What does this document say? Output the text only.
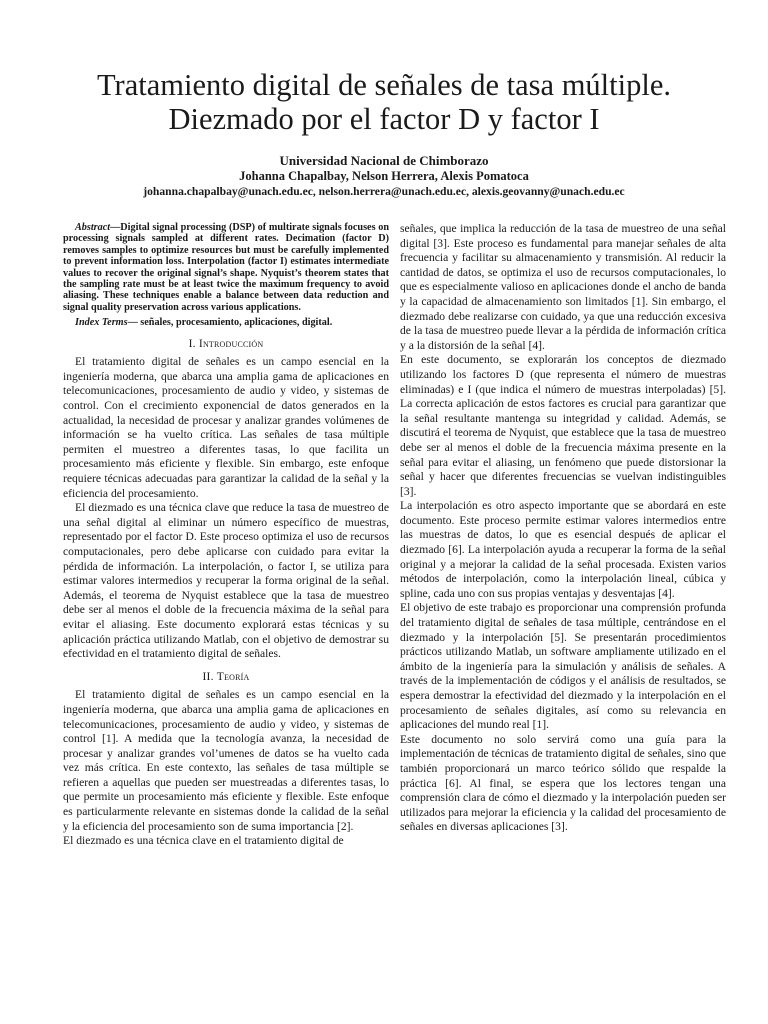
Tratamiento digital de señales de tasa múltiple.
Diezmado por el factor D y factor I
Universidad Nacional de Chimborazo
Johanna Chapalbay, Nelson Herrera, Alexis Pomatoca
johanna.chapalbay@unach.edu.ec, nelson.herrera@unach.edu.ec, alexis.geovanny@unach.edu.ec

Abstract—Digital signal processing (DSP) of multirate signals focuses on processing signals sampled at different rates. Decimation (factor D) removes samples to optimize resources but must be carefully implemented to prevent information loss. Interpolation (factor I) estimates intermediate values to recover the original signal’s shape. Nyquist’s theorem states that the sampling rate must be at least twice the maximum frequency to avoid aliasing. These techniques enable a balance between data reduction and signal quality preservation across various applications.

Index Terms— señales, procesamiento, aplicaciones, digital.

I. Introducción

El tratamiento digital de señales es un campo esencial en la ingeniería moderna, que abarca una amplia gama de aplicaciones en telecomunicaciones, procesamiento de audio y video, y sistemas de control. Con el crecimiento exponencial de datos generados en la actualidad, la necesidad de procesar y analizar grandes volúmenes de información se ha vuelto crítica. Las señales de tasa múltiple permiten el muestreo a diferentes tasas, lo que facilita un procesamiento más eficiente y flexible. Sin embargo, este enfoque requiere técnicas adecuadas para garantizar la calidad de la señal y la eficiencia del procesamiento.

El diezmado es una técnica clave que reduce la tasa de muestreo de una señal digital al eliminar un número específico de muestras, representado por el factor D. Este proceso optimiza el uso de recursos computacionales, pero debe aplicarse con cuidado para evitar la pérdida de información. La interpolación, o factor I, se utiliza para estimar valores intermedios y recuperar la forma original de la señal. Además, el teorema de Nyquist establece que la tasa de muestreo debe ser al menos el doble de la frecuencia máxima de la señal para evitar el aliasing. Este documento explorará estas técnicas y su aplicación práctica utilizando Matlab, con el objetivo de demostrar su efectividad en el tratamiento digital de señales.

II. Teoría

El tratamiento digital de señales es un campo esencial en la ingeniería moderna, que abarca una amplia gama de aplicaciones en telecomunicaciones, procesamiento de audio y video, y sistemas de control [1]. A medida que la tecnología avanza, la necesidad de procesar y analizar grandes vol’umenes de datos se ha vuelto cada vez más crítica. En este contexto, las señales de tasa múltiple se refieren a aquellas que pueden ser muestreadas a diferentes tasas, lo que permite un procesamiento más eficiente y flexible. Este enfoque es particularmente relevante en sistemas donde la calidad de la señal y la eficiencia del procesamiento son de suma importancia [2].

El diezmado es una técnica clave en el tratamiento digital de

señales, que implica la reducción de la tasa de muestreo de una señal digital [3]. Este proceso es fundamental para manejar señales de alta frecuencia y facilitar su almacenamiento y transmisión. Al reducir la cantidad de datos, se optimiza el uso de recursos computacionales, lo que es especialmente valioso en aplicaciones donde el ancho de banda y la capacidad de almacenamiento son limitados [1]. Sin embargo, el diezmado debe realizarse con cuidado, ya que una reducción excesiva de la tasa de muestreo puede llevar a la pérdida de información crítica y a la distorsión de la señal [4].

En este documento, se explorarán los conceptos de diezmado utilizando los factores D (que representa el número de muestras eliminadas) e I (que indica el número de muestras interpoladas) [5]. La correcta aplicación de estos factores es crucial para garantizar que la señal resultante mantenga su integridad y calidad. Además, se discutirá el teorema de Nyquist, que establece que la tasa de muestreo debe ser al menos el doble de la frecuencia máxima presente en la señal para evitar el aliasing, un fenómeno que puede distorsionar la señal y hacer que diferentes frecuencias se vuelvan indistinguibles [3].

La interpolación es otro aspecto importante que se abordará en este documento. Este proceso permite estimar valores intermedios entre las muestras de datos, lo que es esencial después de aplicar el diezmado [6]. La interpolación ayuda a recuperar la forma de la señal original y a mejorar la calidad de la señal procesada. Existen varios métodos de interpolación, como la interpolación lineal, cúbica y spline, cada uno con sus propias ventajas y desventajas [4].

El objetivo de este trabajo es proporcionar una comprensión profunda del tratamiento digital de señales de tasa múltiple, centrándose en el diezmado y la interpolación [5]. Se presentarán procedimientos prácticos utilizando Matlab, un software ampliamente utilizado en el ámbito de la ingeniería para la simulación y análisis de señales. A través de la implementación de códigos y el análisis de resultados, se espera demostrar la efectividad del diezmado y la interpolación en el procesamiento de señales digitales, así como su relevancia en aplicaciones del mundo real [1].

Este documento no solo servirá como una guía para la implementación de técnicas de tratamiento digital de señales, sino que también proporcionará un marco teórico sólido que respalde la práctica [6]. Al final, se espera que los lectores tengan una comprensión clara de cómo el diezmado y la interpolación pueden ser utilizados para mejorar la eficiencia y la calidad del procesamiento de señales en diversas aplicaciones [3].
